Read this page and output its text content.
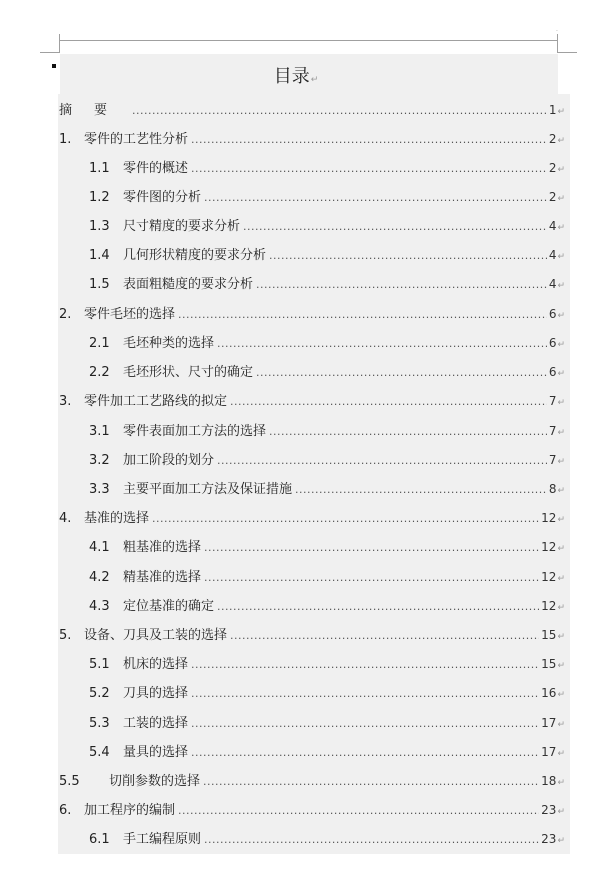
.
目录↵
摘要 .....	1 ↵
1. 零件的工艺性分析 .....	2 ↵
1.1	零件的概述 .....	2 ↵
1.2	零件图的分析 .....	2 ↵
1.3	尺寸精度的要求分析 .....	4 ↵
1.4	几何形状精度的要求分析 .....	4 ↵
1.5	表面粗糙度的要求分析 .....	4 ↵
2. 零件毛坯的选择 .....	6 ↵
2.1	毛坯种类的选择 .....	6 ↵
2.2	毛坯形状、尺寸的确定 .....	6 ↵
3. 零件加工工艺路线的拟定 .....	7 ↵
3.1	零件表面加工方法的选择 .....	7 ↵
3.2	加工阶段的划分 .....	7 ↵
3.3	主要平面加工方法及保证措施 .....	8 ↵
4. 基准的选择 .....	12 ↵
4.1	粗基准的选择 .....	12 ↵
4.2	精基准的选择 .....	12 ↵
4.3	定位基准的确定 .....	12 ↵
5. 设备、刀具及工装的选择 .....	15 ↵
5.1	机床的选择 .....	15 ↵
5.2	刀具的选择 .....	16 ↵
5.3	工装的选择 .....	17 ↵
5.4	量具的选择 .....	17 ↵
5.5	切削参数的选择 .....	18 ↵
6. 加工程序的编制 .....	23 ↵
6.1	手工编程原则 .....	23 ↵
